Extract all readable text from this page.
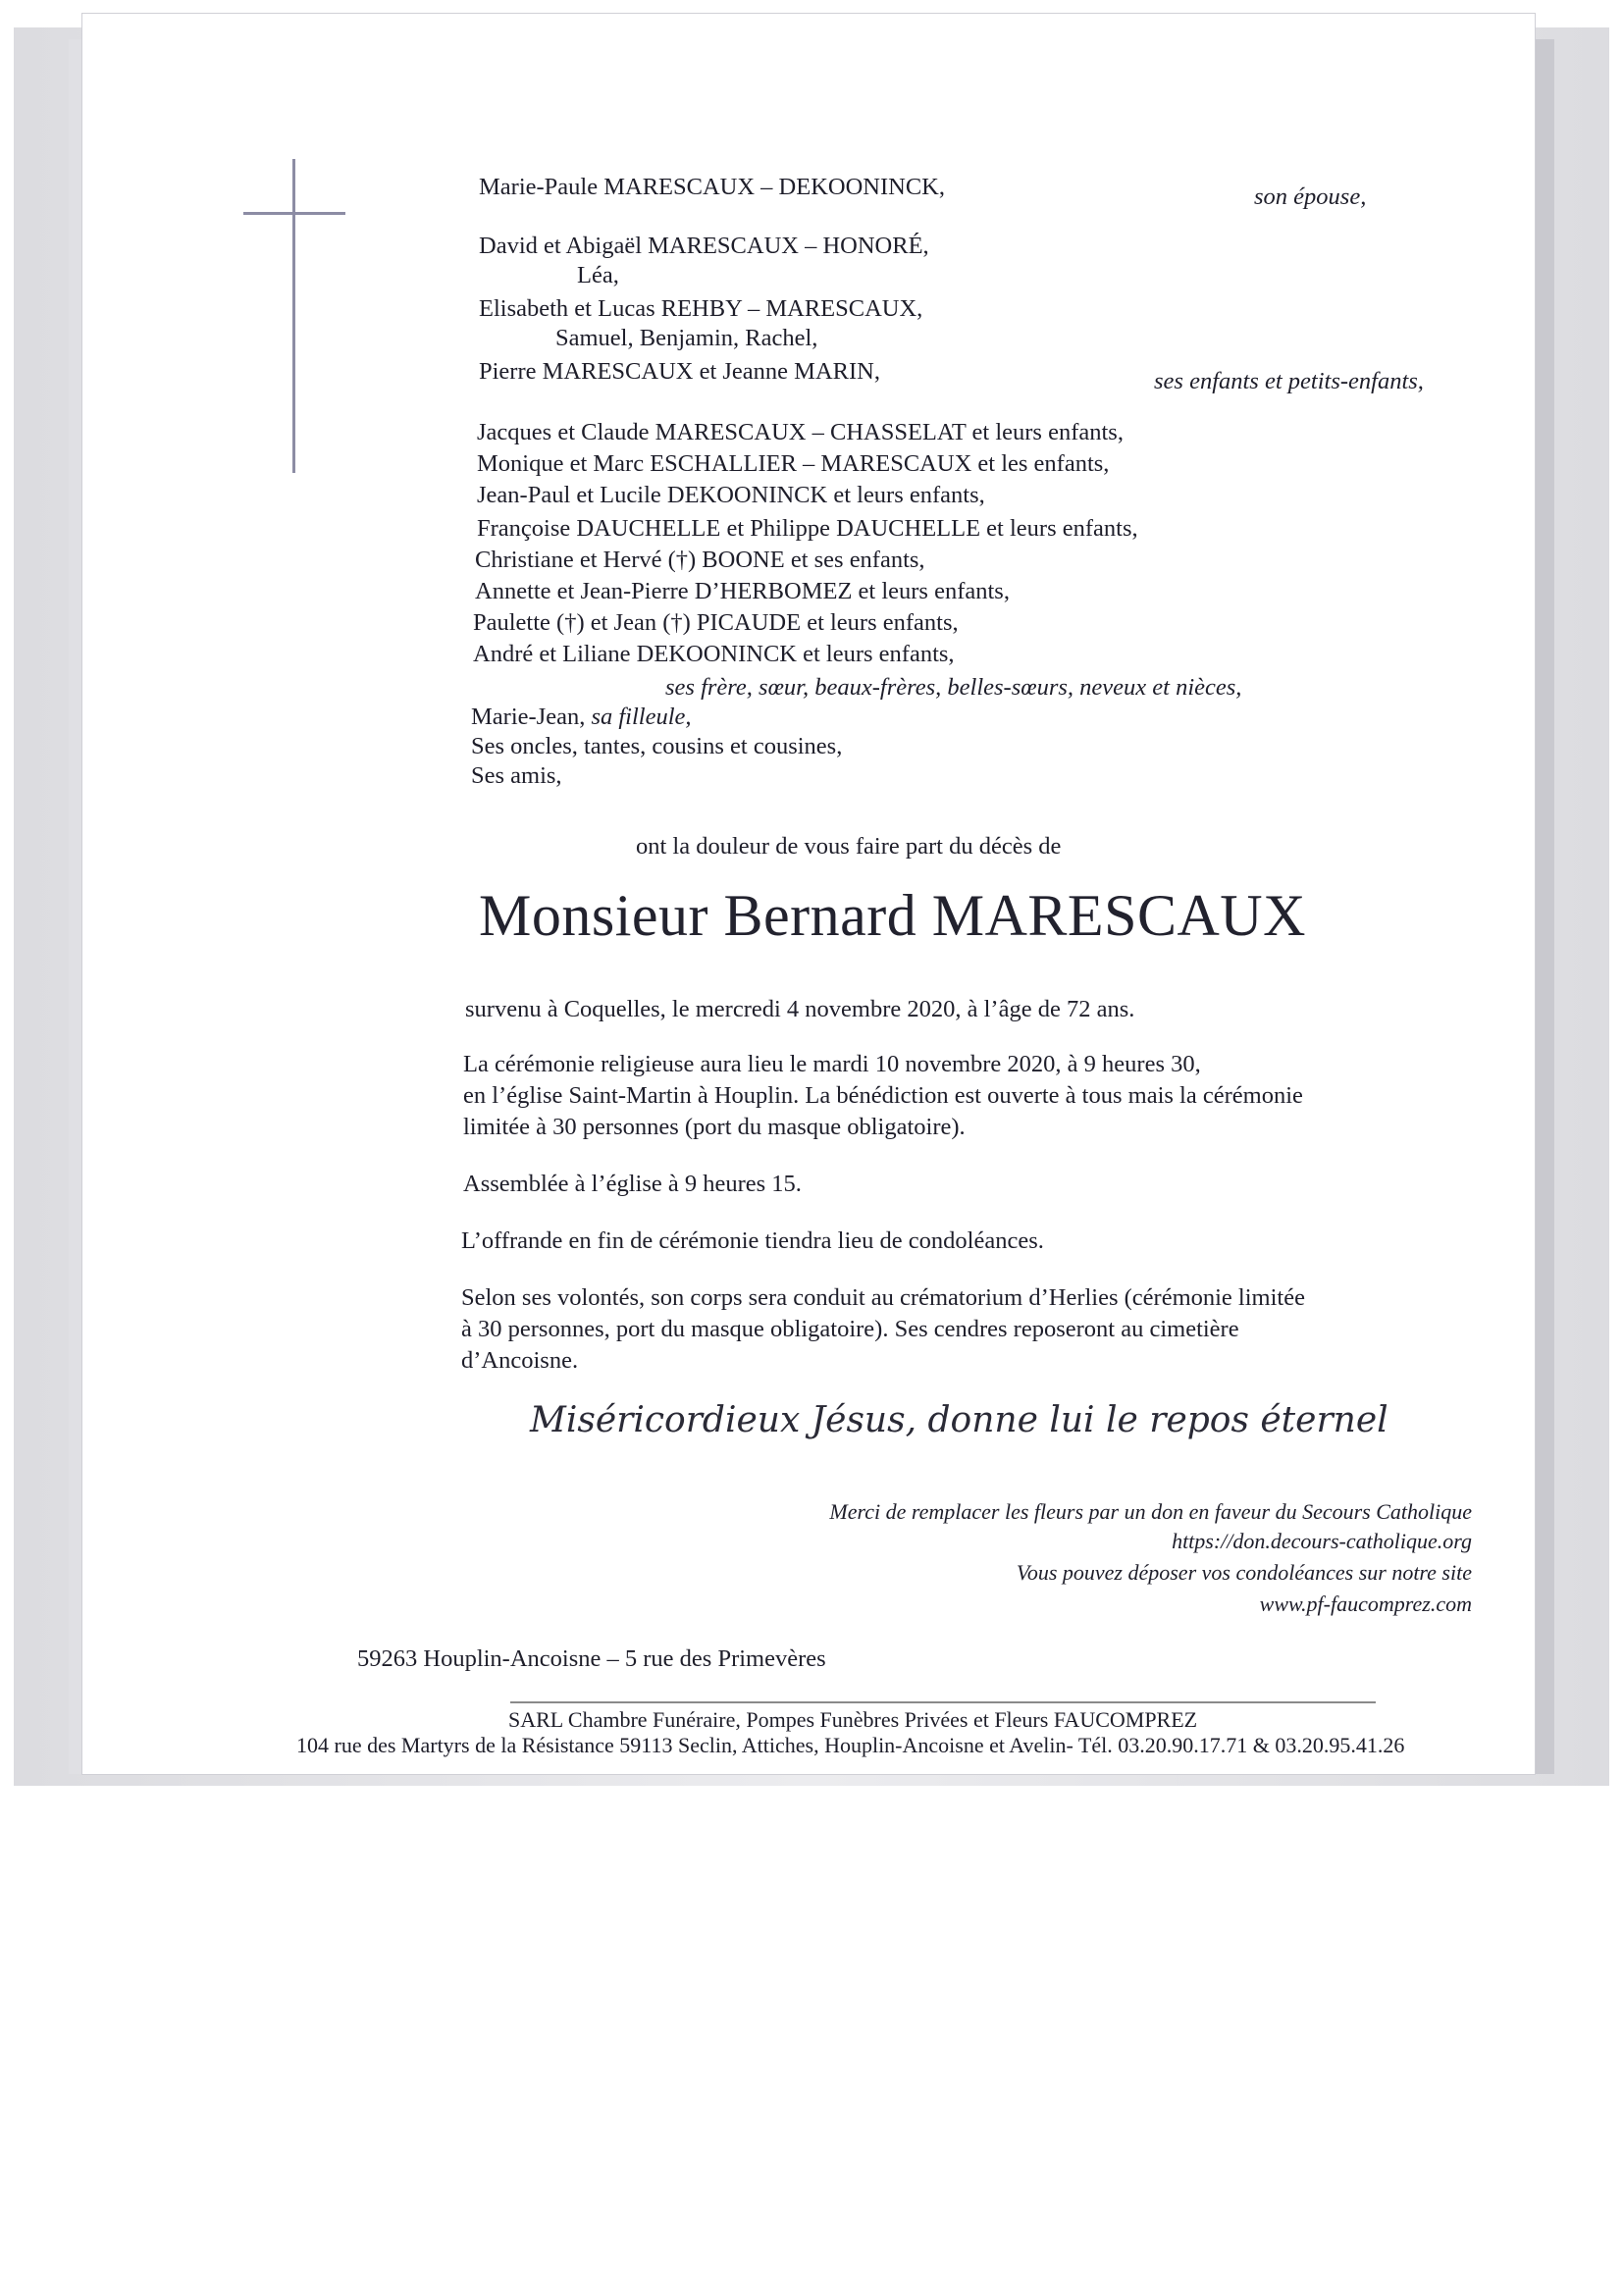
Marie-Paule MARESCAUX – DEKOONINCK,	son épouse,
David et Abigaël MARESCAUX – HONORÉ,
Léa,
Elisabeth et Lucas REHBY – MARESCAUX,
Samuel, Benjamin, Rachel,
Pierre MARESCAUX et Jeanne MARIN,	ses enfants et petits-enfants,
Jacques et Claude MARESCAUX – CHASSELAT et leurs enfants,
Monique et Marc ESCHALLIER – MARESCAUX et les enfants,
Jean-Paul et Lucile DEKOONINCK et leurs enfants,
Françoise DAUCHELLE et Philippe DAUCHELLE et leurs enfants,
Christiane et Hervé (†) BOONE et ses enfants,
Annette et Jean-Pierre D’HERBOMEZ et leurs enfants,
Paulette (†) et Jean (†) PICAUDE et leurs enfants,
André et Liliane DEKOONINCK et leurs enfants,
ses frère, sœur, beaux-frères, belles-sœurs, neveux et nièces,
Marie-Jean, sa filleule,
Ses oncles, tantes, cousins et cousines,
Ses amis,
ont la douleur de vous faire part du décès de
Monsieur Bernard MARESCAUX
survenu à Coquelles, le mercredi 4 novembre 2020, à l’âge de 72 ans.
La cérémonie religieuse aura lieu le mardi 10 novembre 2020, à 9 heures 30,
en l’église Saint-Martin à Houplin. La bénédiction est ouverte à tous mais la cérémonie
limitée à 30 personnes (port du masque obligatoire).
Assemblée à l’église à 9 heures 15.
L’offrande en fin de cérémonie tiendra lieu de condoléances.
Selon ses volontés, son corps sera conduit au crématorium d’Herlies (cérémonie limitée
à 30 personnes, port du masque obligatoire). Ses cendres reposeront au cimetière
d’Ancoisne.
Miséricordieux Jésus, donne lui le repos éternel
Merci de remplacer les fleurs par un don en faveur du Secours Catholique
https://don.decours-catholique.org
Vous pouvez déposer vos condoléances sur notre site
www.pf-faucomprez.com
59263 Houplin-Ancoisne – 5 rue des Primevères
SARL Chambre Funéraire, Pompes Funèbres Privées et Fleurs FAUCOMPREZ
104 rue des Martyrs de la Résistance 59113 Seclin, Attiches, Houplin-Ancoisne et Avelin- Tél. 03.20.90.17.71 & 03.20.95.41.26
